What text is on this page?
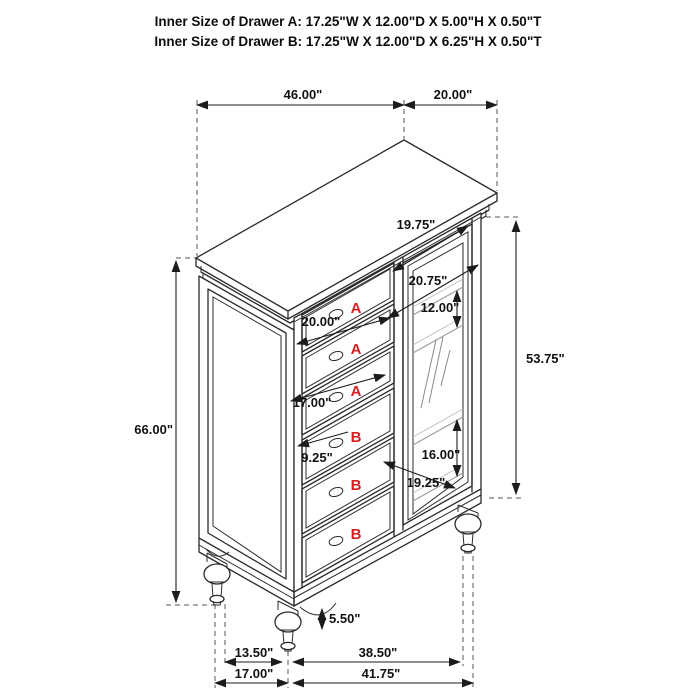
Inner Size of Drawer A: 17.25"W X 12.00"D X 5.00"H X 0.50"T
Inner Size of Drawer B: 17.25"W X 12.00"D X 6.25"H X 0.50"T
A
A
A
B
B
B
46.00"	20.00"
66.00"
53.75"
19.75"
20.75"
12.00"
16.00"
19.25"
20.00"
17.00"
9.25"
5.50"
13.50"	38.50"
17.00"	41.75"
